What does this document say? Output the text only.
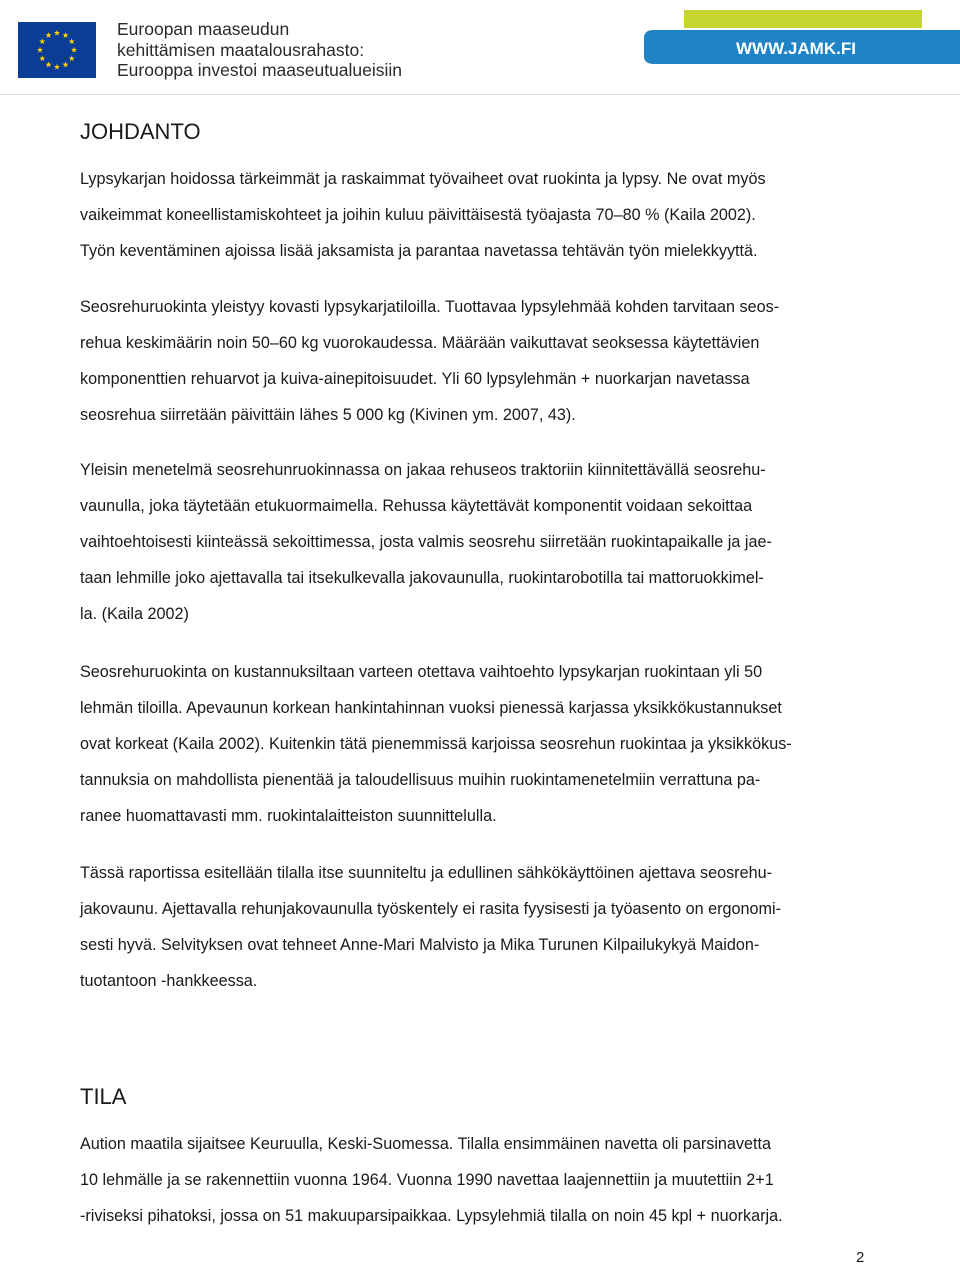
Euroopan maaseudun
kehittämisen maatalousrahasto:
Eurooppa investoi maaseutualueisiin
WWW.JAMK.FI
JOHDANTO
Lypsykarjan hoidossa tärkeimmät ja raskaimmat työvaiheet ovat ruokinta ja lypsy. Ne ovat myös
vaikeimmat koneellistamiskohteet ja joihin kuluu päivittäisestä työajasta 70–80 % (Kaila 2002).
Työn keventäminen ajoissa lisää jaksamista ja parantaa navetassa tehtävän työn mielekkyyttä.
Seosrehuruokinta yleistyy kovasti lypsykarjatiloilla. Tuottavaa lypsylehmää kohden tarvitaan seos-
rehua keskimäärin noin 50–60 kg vuorokaudessa. Määrään vaikuttavat seoksessa käytettävien
komponenttien rehuarvot ja kuiva-ainepitoisuudet. Yli 60 lypsylehmän + nuorkarjan navetassa
seosrehua siirretään päivittäin lähes 5 000 kg (Kivinen ym. 2007, 43).
Yleisin menetelmä seosrehunruokinnassa on jakaa rehuseos traktoriin kiinnitettävällä seosrehu-
vaunulla, joka täytetään etukuormaimella. Rehussa käytettävät komponentit voidaan sekoittaa
vaihtoehtoisesti kiinteässä sekoittimessa, josta valmis seosrehu siirretään ruokintapaikalle ja jae-
taan lehmille joko ajettavalla tai itsekulkevalla jakovaunulla, ruokintarobotilla tai mattoruokkimel-
la. (Kaila 2002)
Seosrehuruokinta on kustannuksiltaan varteen otettava vaihtoehto lypsykarjan ruokintaan yli 50
lehmän tiloilla. Apevaunun korkean hankintahinnan vuoksi pienessä karjassa yksikkökustannukset
ovat korkeat (Kaila 2002). Kuitenkin tätä pienemmissä karjoissa seosrehun ruokintaa ja yksikkökus-
tannuksia on mahdollista pienentää ja taloudellisuus muihin ruokintamenetelmiin verrattuna pa-
ranee huomattavasti mm. ruokintalaitteiston suunnittelulla.
Tässä raportissa esitellään tilalla itse suunniteltu ja edullinen sähkökäyttöinen ajettava seosrehu-
jakovaunu. Ajettavalla rehunjakovaunulla työskentely ei rasita fyysisesti ja työasento on ergonomi-
sesti hyvä. Selvityksen ovat tehneet Anne-Mari Malvisto ja Mika Turunen Kilpailukykyä Maidon-
tuotantoon -hankkeessa.
TILA
Aution maatila sijaitsee Keuruulla, Keski-Suomessa. Tilalla ensimmäinen navetta oli parsinavetta
10 lehmälle ja se rakennettiin vuonna 1964. Vuonna 1990 navettaa laajennettiin ja muutettiin 2+1
-riviseksi pihatoksi, jossa on 51 makuuparsipaikkaa. Lypsylehmiä tilalla on noin 45 kpl + nuorkarja.
2
